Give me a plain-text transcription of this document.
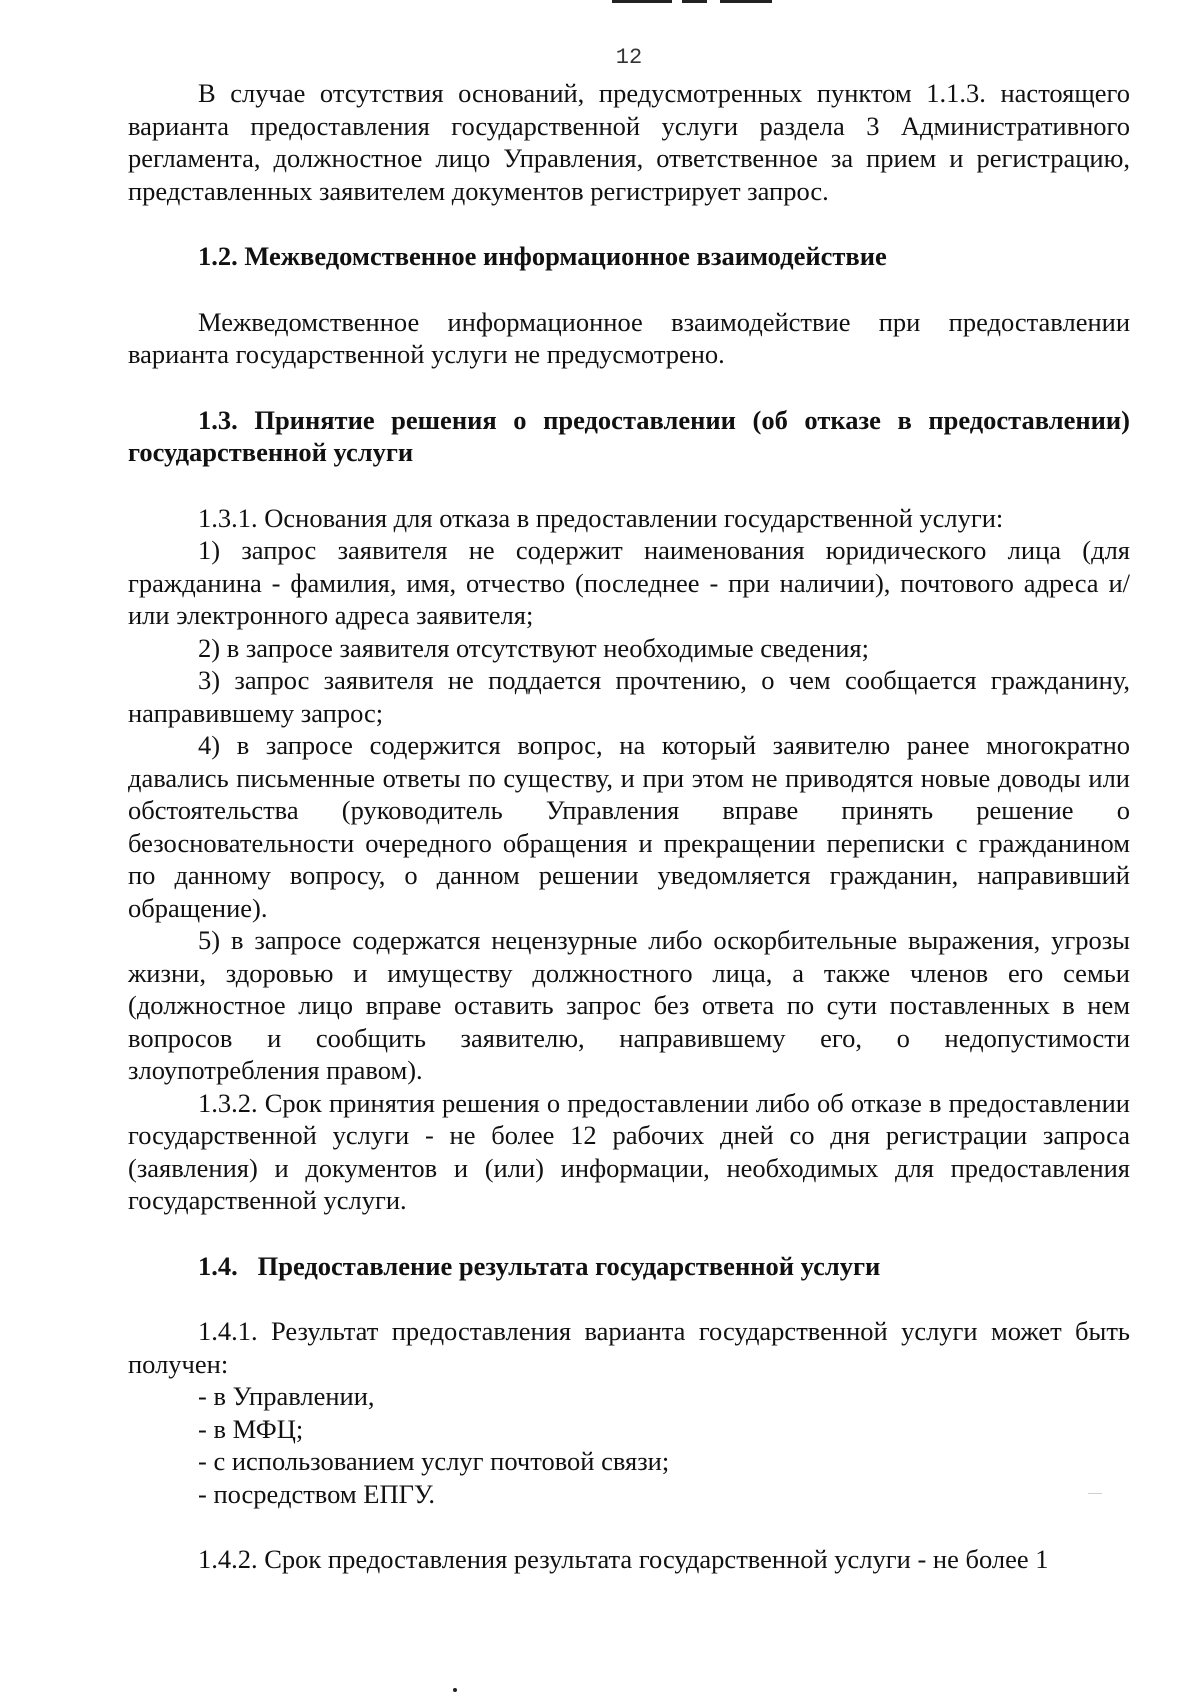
12

В случае отсутствия оснований, предусмотренных пунктом 1.1.3. настоящего варианта предоставления государственной услуги раздела 3 Административного регламента, должностное лицо Управления, ответственное за прием и регистрацию, представленных заявителем документов регистрирует запрос.

1.2. Межведомственное информационное взаимодействие

Межведомственное информационное взаимодействие при предоставлении варианта государственной услуги не предусмотрено.

1.3. Принятие решения о предоставлении (об отказе в предоставлении) государственной услуги

1.3.1. Основания для отказа в предоставлении государственной услуги:

1) запрос заявителя не содержит наименования юридического лица (для гражданина - фамилия, имя, отчество (последнее - при наличии), почтового адреса и/или электронного адреса заявителя;

2) в запросе заявителя отсутствуют необходимые сведения;

3) запрос заявителя не поддается прочтению, о чем сообщается гражданину, направившему запрос;

4) в запросе содержится вопрос, на который заявителю ранее многократно давались письменные ответы по существу, и при этом не приводятся новые доводы или обстоятельства (руководитель Управления вправе принять решение о безосновательности очередного обращения и прекращении переписки с гражданином по данному вопросу, о данном решении уведомляется гражданин, направивший обращение).

5) в запросе содержатся нецензурные либо оскорбительные выражения, угрозы жизни, здоровью и имуществу должностного лица, а также членов его семьи (должностное лицо вправе оставить запрос без ответа по сути поставленных в нем вопросов и сообщить заявителю, направившему его, о недопустимости злоупотребления правом).

1.3.2. Срок принятия решения о предоставлении либо об отказе в предоставлении государственной услуги - не более 12 рабочих дней со дня регистрации запроса (заявления) и документов и (или) информации, необходимых для предоставления государственной услуги.

1.4.   Предоставление результата государственной услуги

1.4.1. Результат предоставления варианта государственной услуги может быть получен:

- в Управлении,

- в МФЦ;

- с использованием услуг почтовой связи;

- посредством ЕПГУ.

1.4.2. Срок предоставления результата государственной услуги - не более 1
